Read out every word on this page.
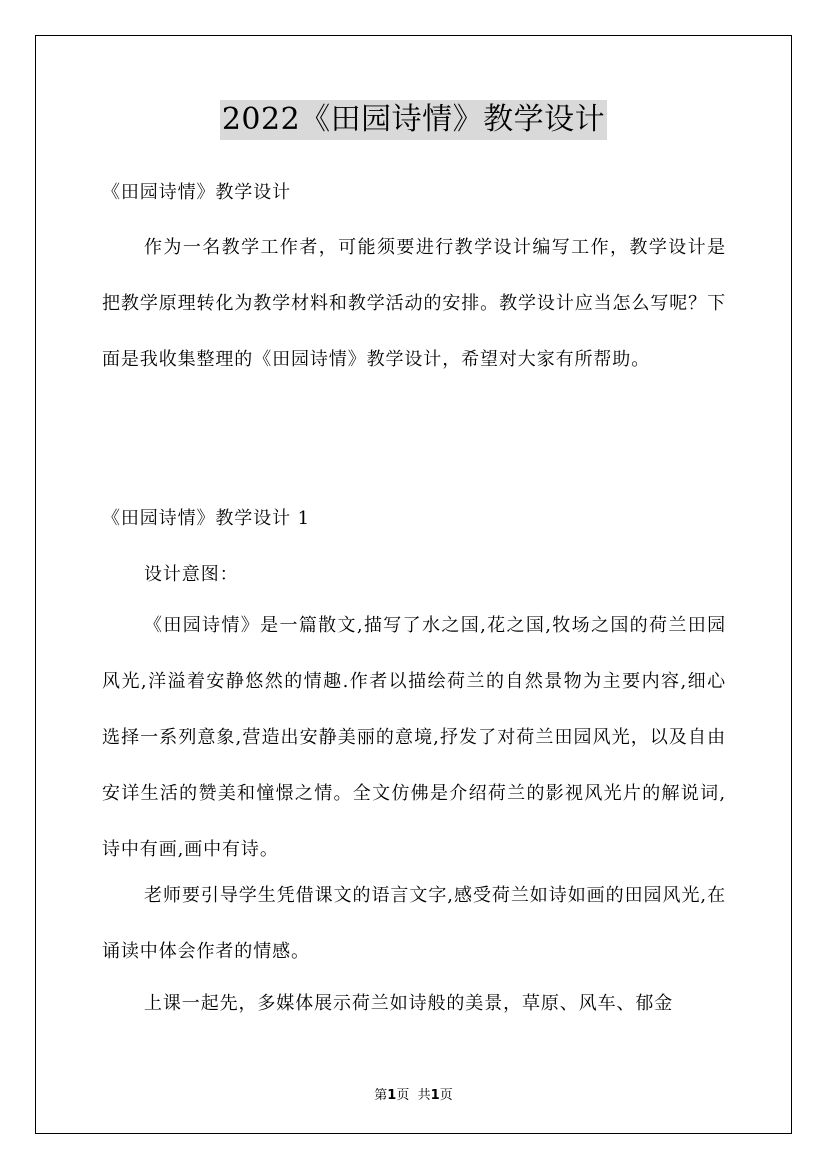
2022《田园诗情》教学设计
《田园诗情》教学设计
作为一名教学工作者，可能须要进行教学设计编写工作，教学设计是把教学原理转化为教学材料和教学活动的安排。教学设计应当怎么写呢？下面是我收集整理的《田园诗情》教学设计，希望对大家有所帮助。
《田园诗情》教学设计 1
设计意图：
《田园诗情》是一篇散文,描写了水之国,花之国,牧场之国的荷兰田园风光,洋溢着安静悠然的情趣.作者以描绘荷兰的自然景物为主要内容,细心选择一系列意象,营造出安静美丽的意境,抒发了对荷兰田园风光，以及自由安详生活的赞美和憧憬之情。全文仿佛是介绍荷兰的影视风光片的解说词,诗中有画,画中有诗。
老师要引导学生凭借课文的语言文字,感受荷兰如诗如画的田园风光,在诵读中体会作者的情感。
上课一起先，多媒体展示荷兰如诗般的美景，草原、风车、郁金
第1页 共1页
